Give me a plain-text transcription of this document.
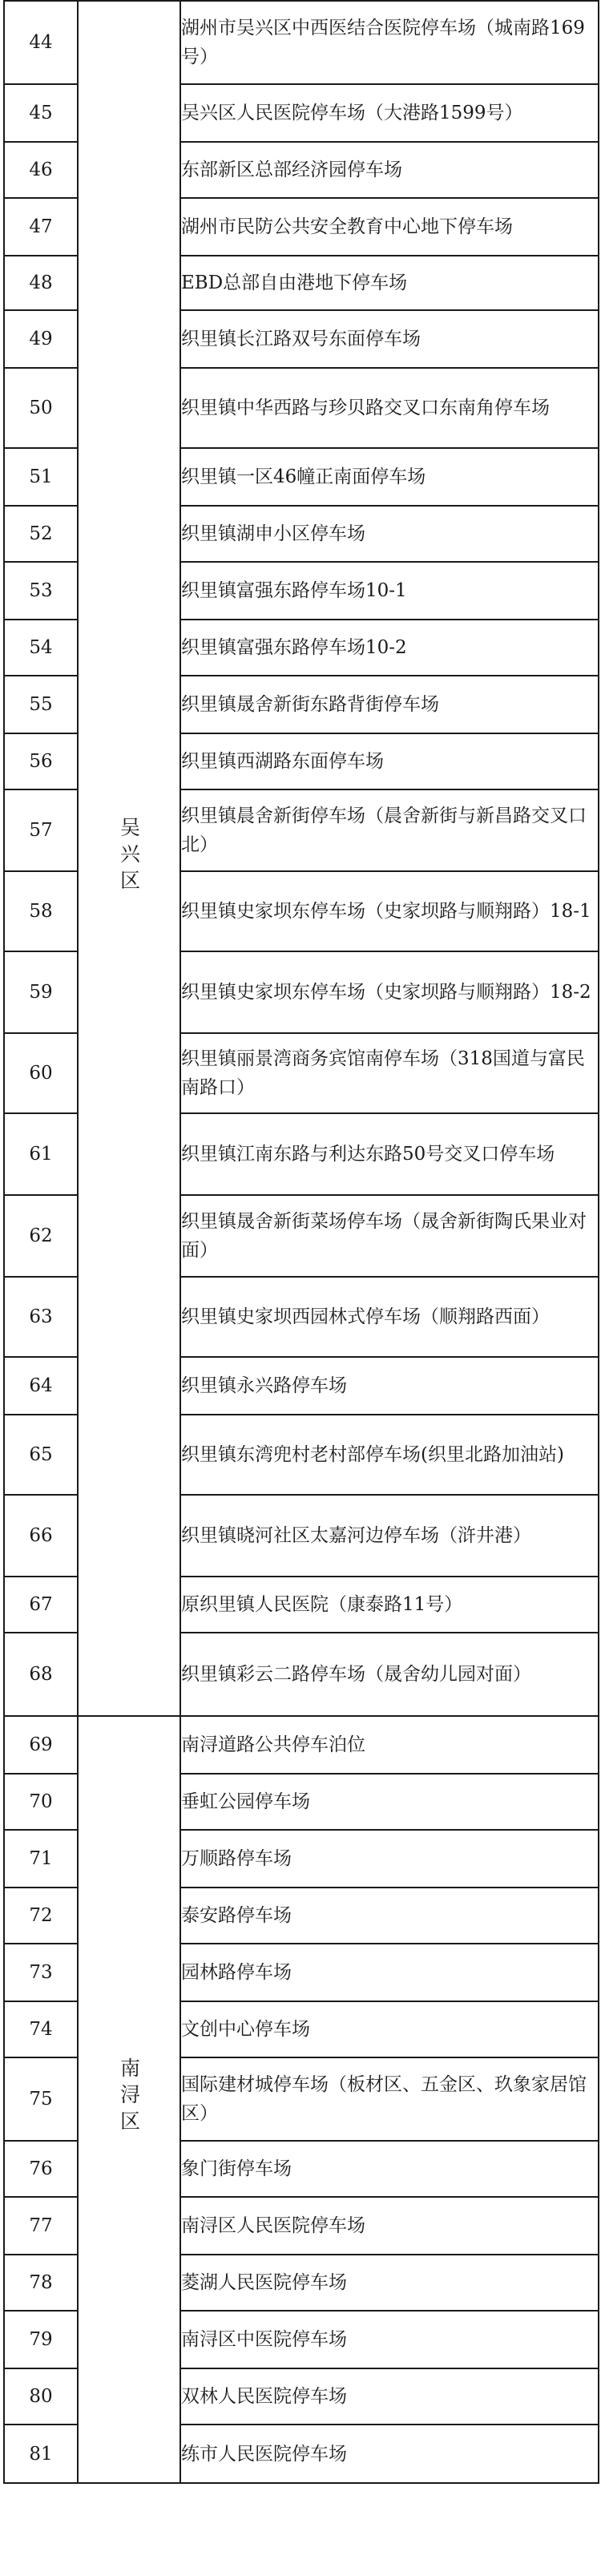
44	吴兴区	湖州市吴兴区中西医结合医院停车场（城南路169号）
45		吴兴区人民医院停车场（大港路1599号）
46		东部新区总部经济园停车场
47		湖州市民防公共安全教育中心地下停车场
48		EBD总部自由港地下停车场
49		织里镇长江路双号东面停车场
50		织里镇中华西路与珍贝路交叉口东南角停车场
51		织里镇一区46幢正南面停车场
52		织里镇湖申小区停车场
53		织里镇富强东路停车场10-1
54		织里镇富强东路停车场10-2
55		织里镇晟舍新街东路背街停车场
56		织里镇西湖路东面停车场
57		织里镇晨舍新街停车场（晨舍新街与新昌路交叉口北）
58		织里镇史家坝东停车场（史家坝路与顺翔路）18-1
59		织里镇史家坝东停车场（史家坝路与顺翔路）18-2
60		织里镇丽景湾商务宾馆南停车场（318国道与富民南路口）
61		织里镇江南东路与利达东路50号交叉口停车场
62		织里镇晟舍新街菜场停车场（晟舍新街陶氏果业对面）
63		织里镇史家坝西园林式停车场（顺翔路西面）
64		织里镇永兴路停车场
65		织里镇东湾兜村老村部停车场(织里北路加油站)
66		织里镇晓河社区太嘉河边停车场（浒井港）
67		原织里镇人民医院（康泰路11号）
68		织里镇彩云二路停车场（晟舍幼儿园对面）
69	南浔区	南浔道路公共停车泊位
70		垂虹公园停车场
71		万顺路停车场
72		泰安路停车场
73		园林路停车场
74		文创中心停车场
75		国际建材城停车场（板材区、五金区、玖象家居馆区）
76		象门街停车场
77		南浔区人民医院停车场
78		菱湖人民医院停车场
79		南浔区中医院停车场
80		双林人民医院停车场
81		练市人民医院停车场
